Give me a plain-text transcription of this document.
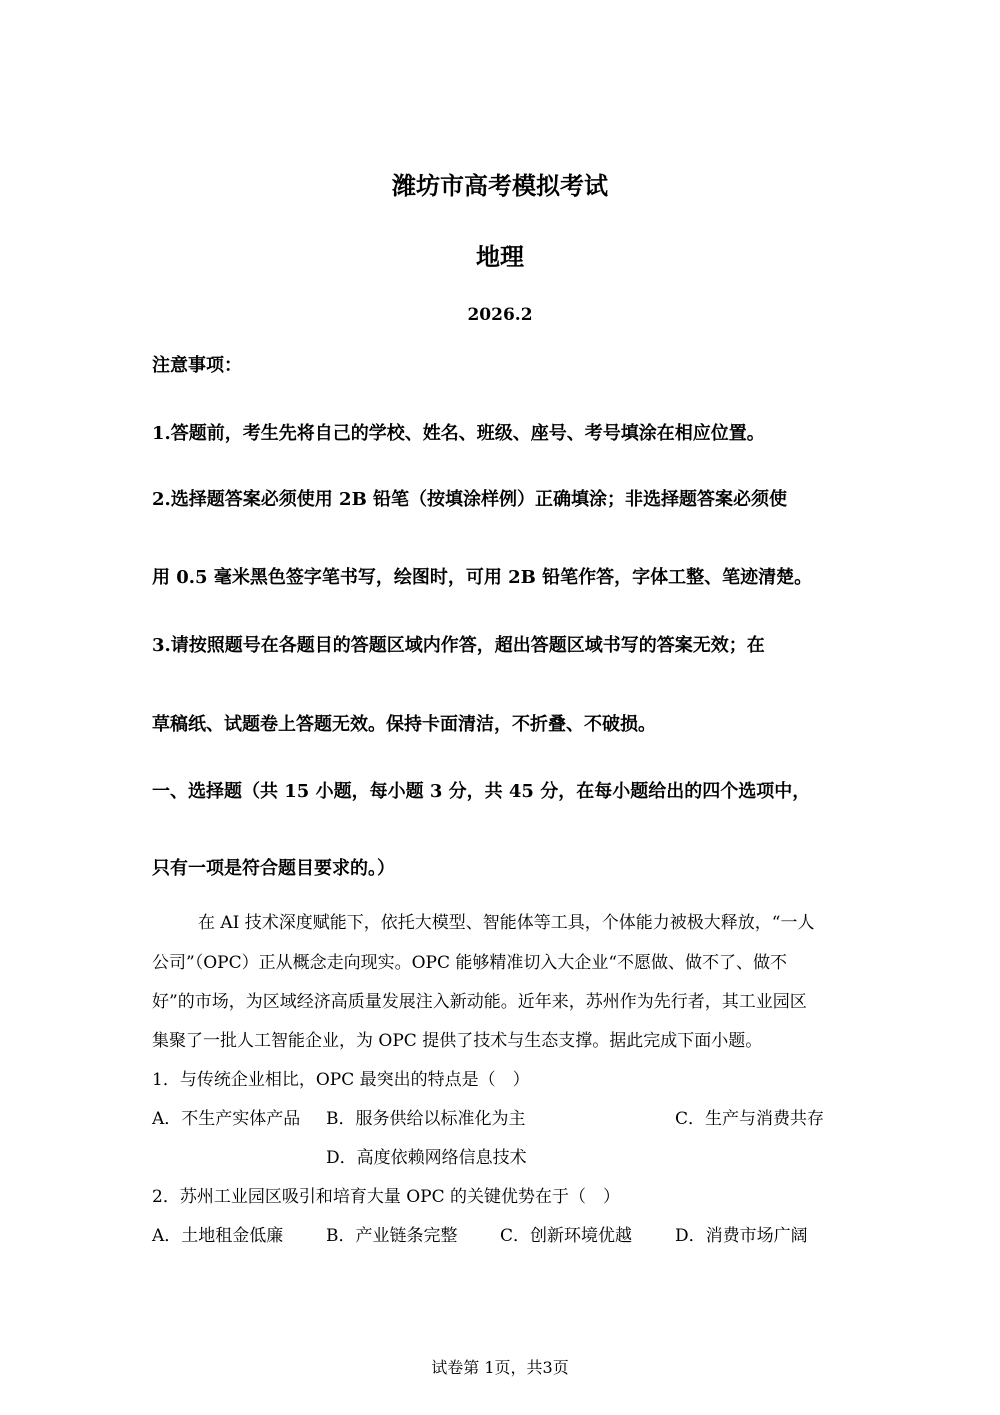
潍坊市高考模拟考试
地理
2026.2
注意事项：
1.答题前，考生先将自己的学校、姓名、班级、座号、考号填涂在相应位置。
2.选择题答案必须使用 2B 铅笔（按填涂样例）正确填涂；非选择题答案必须使
用 0.5 毫米黑色签字笔书写，绘图时，可用 2B 铅笔作答，字体工整、笔迹清楚。
3.请按照题号在各题目的答题区域内作答，超出答题区域书写的答案无效；在
草稿纸、试题卷上答题无效。保持卡面清洁，不折叠、不破损。
一、选择题（共 15 小题，每小题 3 分，共 45 分，在每小题给出的四个选项中，
只有一项是符合题目要求的。）
在 AI 技术深度赋能下，依托大模型、智能体等工具，个体能力被极大释放，“一人
公司”（OPC）正从概念走向现实。OPC 能够精准切入大企业“不愿做、做不了、做不
好”的市场，为区域经济高质量发展注入新动能。近年来，苏州作为先行者，其工业园区
集聚了一批人工智能企业，为 OPC 提供了技术与生态支撑。据此完成下面小题。
1．与传统企业相比，OPC 最突出的特点是（　）
A．不生产实体产品 B．服务供给以标准化为主	C．生产与消费共存
D．高度依赖网络信息技术
2．苏州工业园区吸引和培育大量 OPC 的关键优势在于（　）
A．土地租金低廉	B．产业链条完整	C．创新环境优越	D．消费市场广阔
试卷第 1页，共3页
